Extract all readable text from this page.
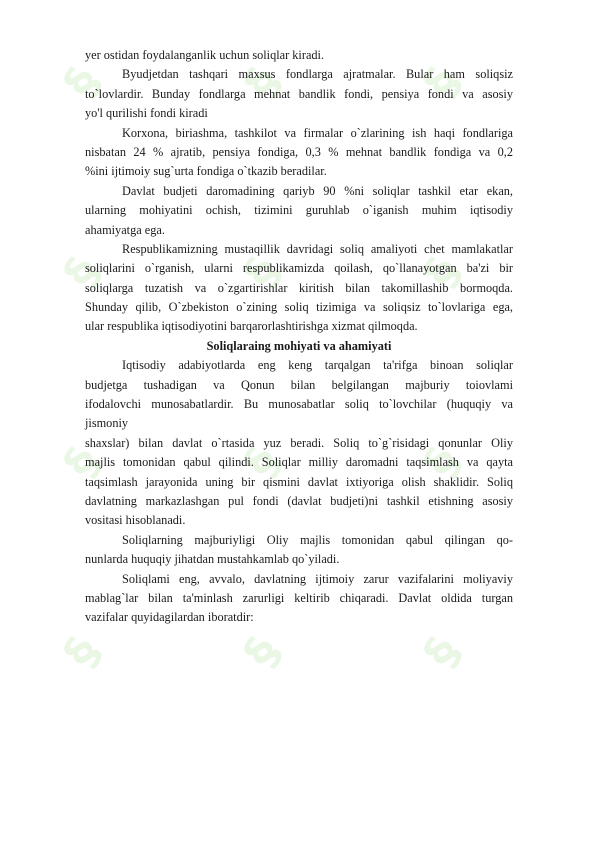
§
§
§
§
§
§
§
§
§
§
§
§
yer ostidan foydalanganlik uchun soliqlar kiradi.
Byudjetdan tashqari maxsus fondlarga ajratmalar. Bular ham soliqsiz
to`lovlardir. Bunday fondlarga mehnat bandlik fondi, pensiya fondi va asosiy
yo'l qurilishi fondi kiradi
Korxona, biriashma, tashkilot va firmalar o`zlarining ish haqi fondlariga
nisbatan 24 % ajratib, pensiya fondiga, 0,3 % mehnat bandlik fondiga va 0,2
%ini ijtimoiy sug`urta fondiga o`tkazib beradilar.
Davlat budjeti daromadining qariyb 90 %ni soliqlar tashkil etar ekan,
ularning mohiyatini ochish, tizimini guruhlab o`iganish muhim iqtisodiy
ahamiyatga ega.
Respublikamizning mustaqillik davridagi soliq amaliyoti chet mamlakatlar
soliqlarini o`rganish, ularni respublikamizda qoilash, qo`llanayotgan ba'zi bir
soliqlarga tuzatish va o`zgartirishlar kiritish bilan takomillashib bormoqda.
Shunday qilib, O`zbekiston o`zining soliq tizimiga va soliqsiz to`lovlariga ega,
ular respublika iqtisodiyotini barqarorlashtirishga xizmat qilmoqda.
Soliqlaraing mohiyati va ahamiyati
Iqtisodiy adabiyotlarda eng keng tarqalgan ta'rifga binoan soliqlar
budjetga tushadigan va Qonun bilan belgilangan majburiy toiovlami
ifodalovchi munosabatlardir. Bu munosabatlar soliq to`lovchilar (huquqiy va
jismoniy
shaxslar) bilan davlat o`rtasida yuz beradi. Soliq to`g`risidagi qonunlar Oliy
majlis tomonidan qabul qilindi. Soliqlar milliy daromadni taqsimlash va qayta
taqsimlash jarayonida uning bir qismini davlat ixtiyoriga olish shaklidir. Soliq
davlatning markazlashgan pul fondi (davlat budjeti)ni tashkil etishning asosiy
vositasi hisoblanadi.
Soliqlarning majburiyligi Oliy majlis tomonidan qabul qilingan qo-
nunlarda huquqiy jihatdan mustahkamlab qo`yiladi.
Soliqlami eng, avvalo, davlatning ijtimoiy zarur vazifalarini moliyaviy
mablag`lar bilan ta'minlash zarurligi keltirib chiqaradi. Davlat oldida turgan
vazifalar quyidagilardan iboratdir:
